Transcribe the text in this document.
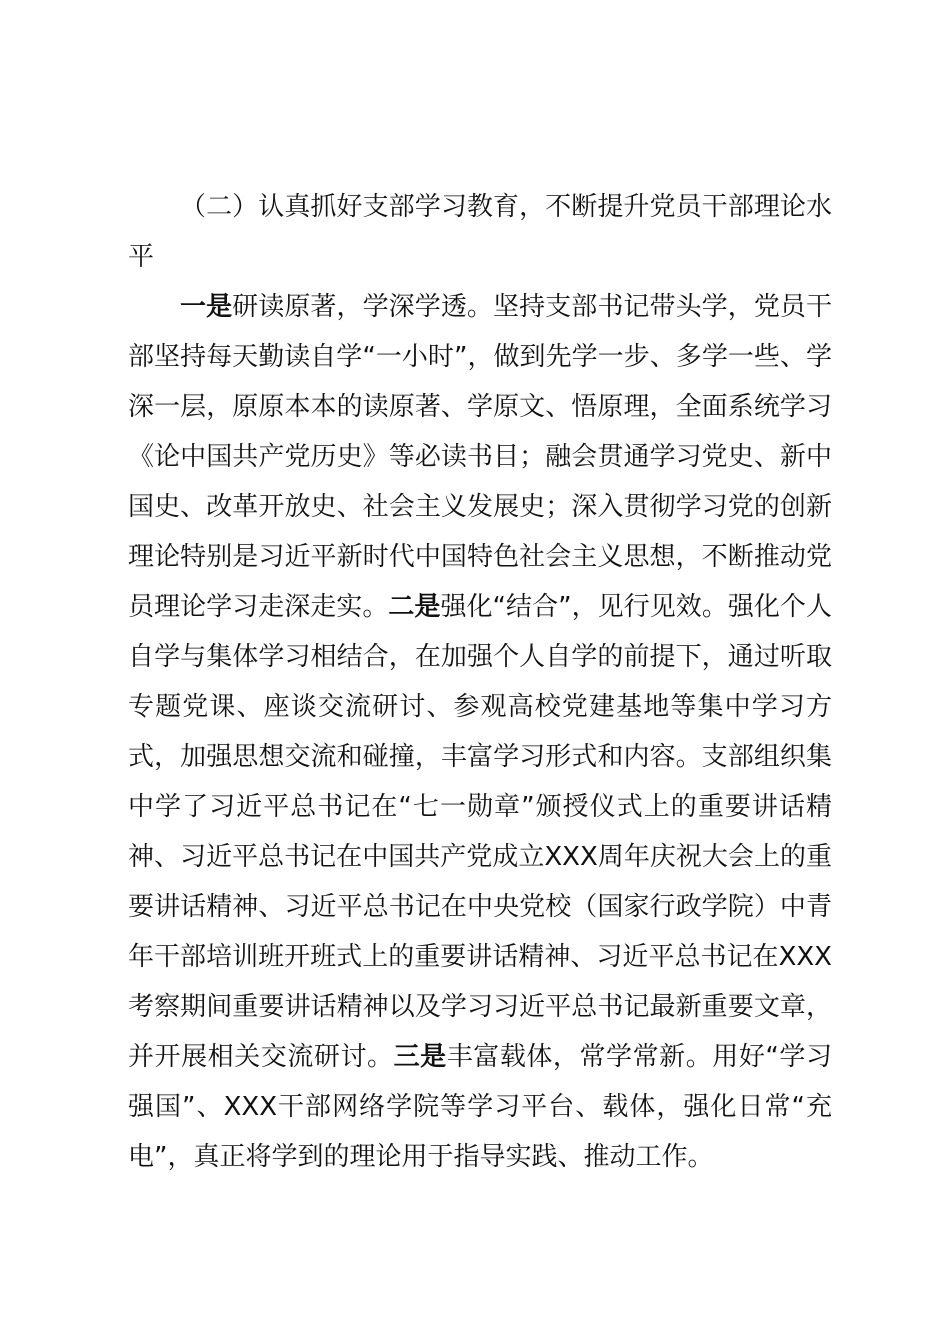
（二）认真抓好支部学习教育，不断提升党员干部理论水平

一是研读原著，学深学透。坚持支部书记带头学，党员干部坚持每天勤读自学“一小时”，做到先学一步、多学一些、学深一层，原原本本的读原著、学原文、悟原理，全面系统学习《论中国共产党历史》等必读书目；融会贯通学习党史、新中国史、改革开放史、社会主义发展史；深入贯彻学习党的创新理论特别是习近平新时代中国特色社会主义思想，不断推动党员理论学习走深走实。二是强化“结合”，见行见效。强化个人自学与集体学习相结合，在加强个人自学的前提下，通过听取专题党课、座谈交流研讨、参观高校党建基地等集中学习方式，加强思想交流和碰撞，丰富学习形式和内容。支部组织集中学了习近平总书记在“七一勋章”颁授仪式上的重要讲话精神、习近平总书记在中国共产党成立XXX周年庆祝大会上的重要讲话精神、习近平总书记在中央党校（国家行政学院）中青年干部培训班开班式上的重要讲话精神、习近平总书记在XXX考察期间重要讲话精神以及学习习近平总书记最新重要文章，并开展相关交流研讨。三是丰富载体，常学常新。用好“学习强国”、XXX干部网络学院等学习平台、载体，强化日常“充电”，真正将学到的理论用于指导实践、推动工作。
